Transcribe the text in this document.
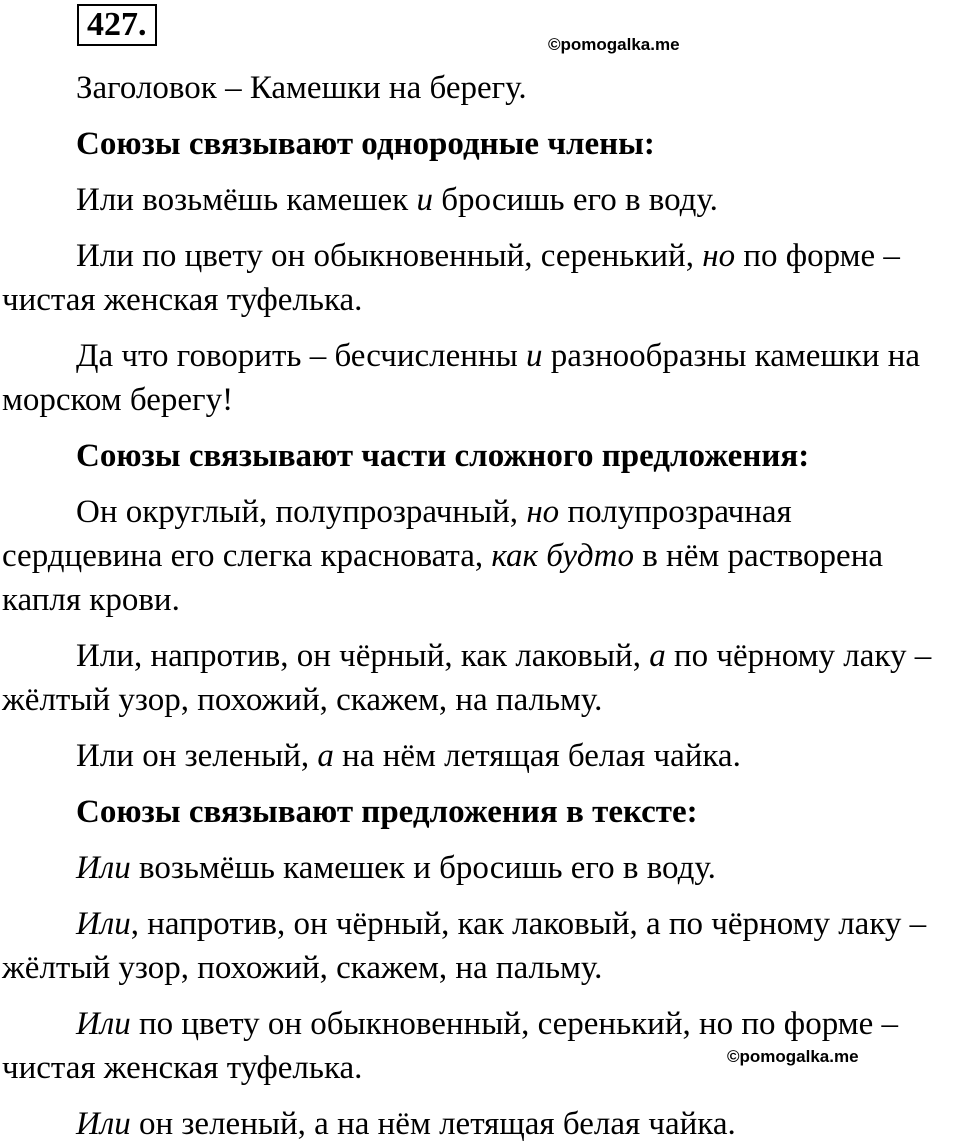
427.
©pomogalka.me
©pomogalka.me

Заголовок – Камешки на берегу.

Союзы связывают однородные члены:

Или возьмёшь камешек и бросишь его в воду.

Или по цвету он обыкновенный, серенький, но по форме – чистая женская туфелька.

Да что говорить – бесчисленны и разнообразны камешки на морском берегу!

Союзы связывают части сложного предложения:

Он округлый, полупрозрачный, но полупрозрачная сердцевина его слегка красновата, как будто в нём растворена капля крови.

Или, напротив, он чёрный, как лаковый, а по чёрному лаку – жёлтый узор, похожий, скажем, на пальму.

Или он зеленый, а на нём летящая белая чайка.

Союзы связывают предложения в тексте:

Или возьмёшь камешек и бросишь его в воду.

Или, напротив, он чёрный, как лаковый, а по чёрному лаку – жёлтый узор, похожий, скажем, на пальму.

Или по цвету он обыкновенный, серенький, но по форме – чистая женская туфелька.

Или он зеленый, а на нём летящая белая чайка.
